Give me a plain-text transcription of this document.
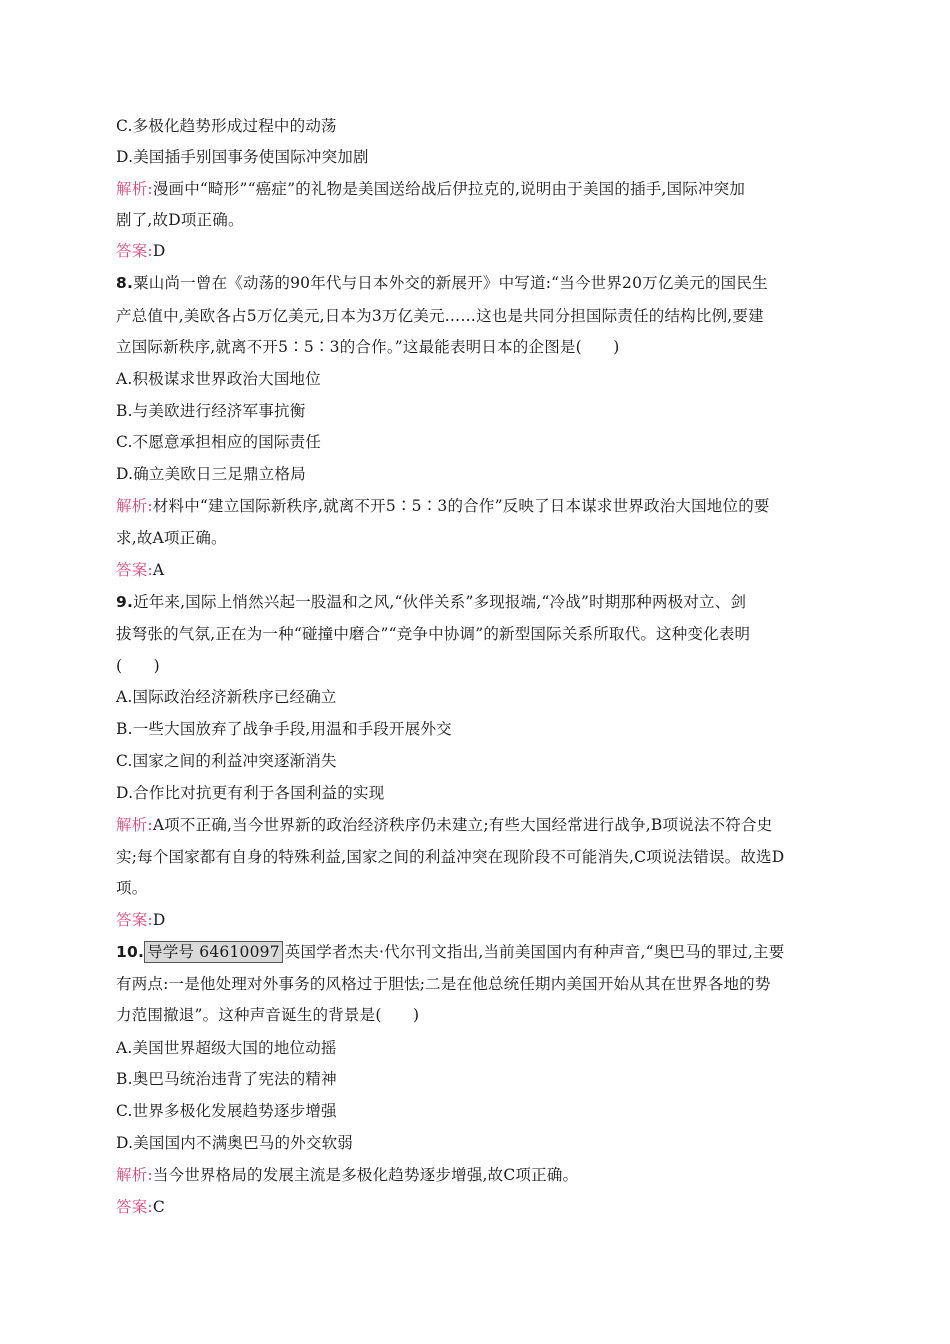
C.多极化趋势形成过程中的动荡
D.美国插手别国事务使国际冲突加剧
解析:漫画中“畸形”“癌症”的礼物是美国送给战后伊拉克的,说明由于美国的插手,国际冲突加
剧了,故D项正确。
答案:D
8.粟山尚一曾在《动荡的90年代与日本外交的新展开》中写道:“当今世界20万亿美元的国民生
产总值中,美欧各占5万亿美元,日本为3万亿美元……这也是共同分担国际责任的结构比例,要建
立国际新秩序,就离不开5∶5∶3的合作。”这最能表明日本的企图是(　　)
A.积极谋求世界政治大国地位
B.与美欧进行经济军事抗衡
C.不愿意承担相应的国际责任
D.确立美欧日三足鼎立格局
解析:材料中“建立国际新秩序,就离不开5∶5∶3的合作”反映了日本谋求世界政治大国地位的要
求,故A项正确。
答案:A
9.近年来,国际上悄然兴起一股温和之风,“伙伴关系”多现报端,“冷战”时期那种两极对立、剑
拔弩张的气氛,正在为一种“碰撞中磨合”“竞争中协调”的新型国际关系所取代。这种变化表明
(　　)
A.国际政治经济新秩序已经确立
B.一些大国放弃了战争手段,用温和手段开展外交
C.国家之间的利益冲突逐渐消失
D.合作比对抗更有利于各国利益的实现
解析:A项不正确,当今世界新的政治经济秩序仍未建立;有些大国经常进行战争,B项说法不符合史
实;每个国家都有自身的特殊利益,国家之间的利益冲突在现阶段不可能消失,C项说法错误。故选D
项。
答案:D
10. 导学号 64610097 英国学者杰夫·代尔刊文指出,当前美国国内有种声音,“奥巴马的罪过,主要
有两点:一是他处理对外事务的风格过于胆怯;二是在他总统任期内美国开始从其在世界各地的势
力范围撤退”。这种声音诞生的背景是(　　)
A.美国世界超级大国的地位动摇
B.奥巴马统治违背了宪法的精神
C.世界多极化发展趋势逐步增强
D.美国国内不满奥巴马的外交软弱
解析:当今世界格局的发展主流是多极化趋势逐步增强,故C项正确。
答案:C
